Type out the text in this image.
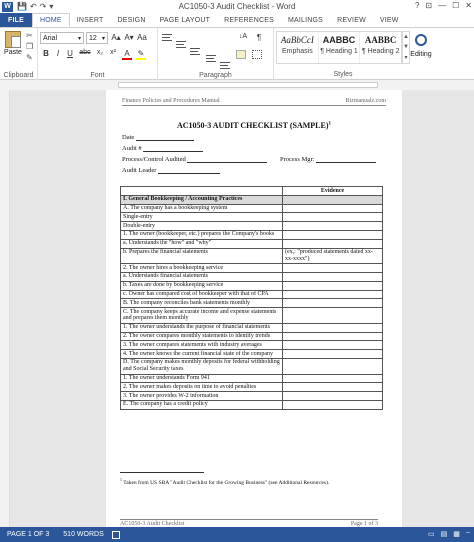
W 💾 ↶ ↷ ▾	AC1050-3 Audit Checklist - Word	? ⊡ — ☐ ✕
FILE	HOME	INSERT	DESIGN	PAGE LAYOUT	REFERENCES	MAILINGS	REVIEW	VIEW
Paste
✂
❐
✎
Clipboard
Arial	▾ 12 ▾ A▴ A▾ Aa
B I	U abc x₂ x²	A ✎
Font
↓A	¶
Paragraph
AaBbCcI
Emphasis
AABBC
¶ Heading 1
AABBC
¶ Heading 2
▲
▼
▾
Styles
Editing
Finance Policies and Procedures Manual	Bizmanualz.com
AC1050-3 AUDIT CHECKLIST (SAMPLE)$^1$
Date
Audit #
Process/Control Audited	Process Mgr:
Audit Leader
	Evidence
I. General Bookkeeping / Accounting Practices	
A. The company has a bookkeeping system	
Single-entry	
Double-entry	
1. The owner (bookkeeper, etc.) prepares the Company's books	
a. Understands the "how" and "why"	
b. Prepares the financial statements	(ex,: "produced statements dated xx-xx-xxxx")
2. The owner hires a bookkeeping service	
a. Understands financial statements	
b. Taxes are done by bookkeeping service	
c. Owner has compared cost of bookkeeper with that of CPA	
B. The company reconciles bank statements monthly	
C. The company keeps accurate income and expense statements and prepares them monthly	
1. The owner understands the purpose of financial statements	
2. The owner compares monthly statements to identify trends	
3. The owner compares statements with industry averages	
4. The owner knows the current financial state of the company	
D. The company makes monthly deposits for federal withholding and Social Security taxes	
1. The owner understands Form 941	
2. The owner makes deposits on time to avoid penalties	
3. The owner provides W-2 information	
E. The company has a credit policy	
$^1$ Taken from US SBA "Audit Checklist for the Growing Business" (see Additional Resources).
AC1050-3 Audit Checklist	Page 1 of 3
PAGE 1 OF 3 510 WORDS	▭ ▤ ▦ −
